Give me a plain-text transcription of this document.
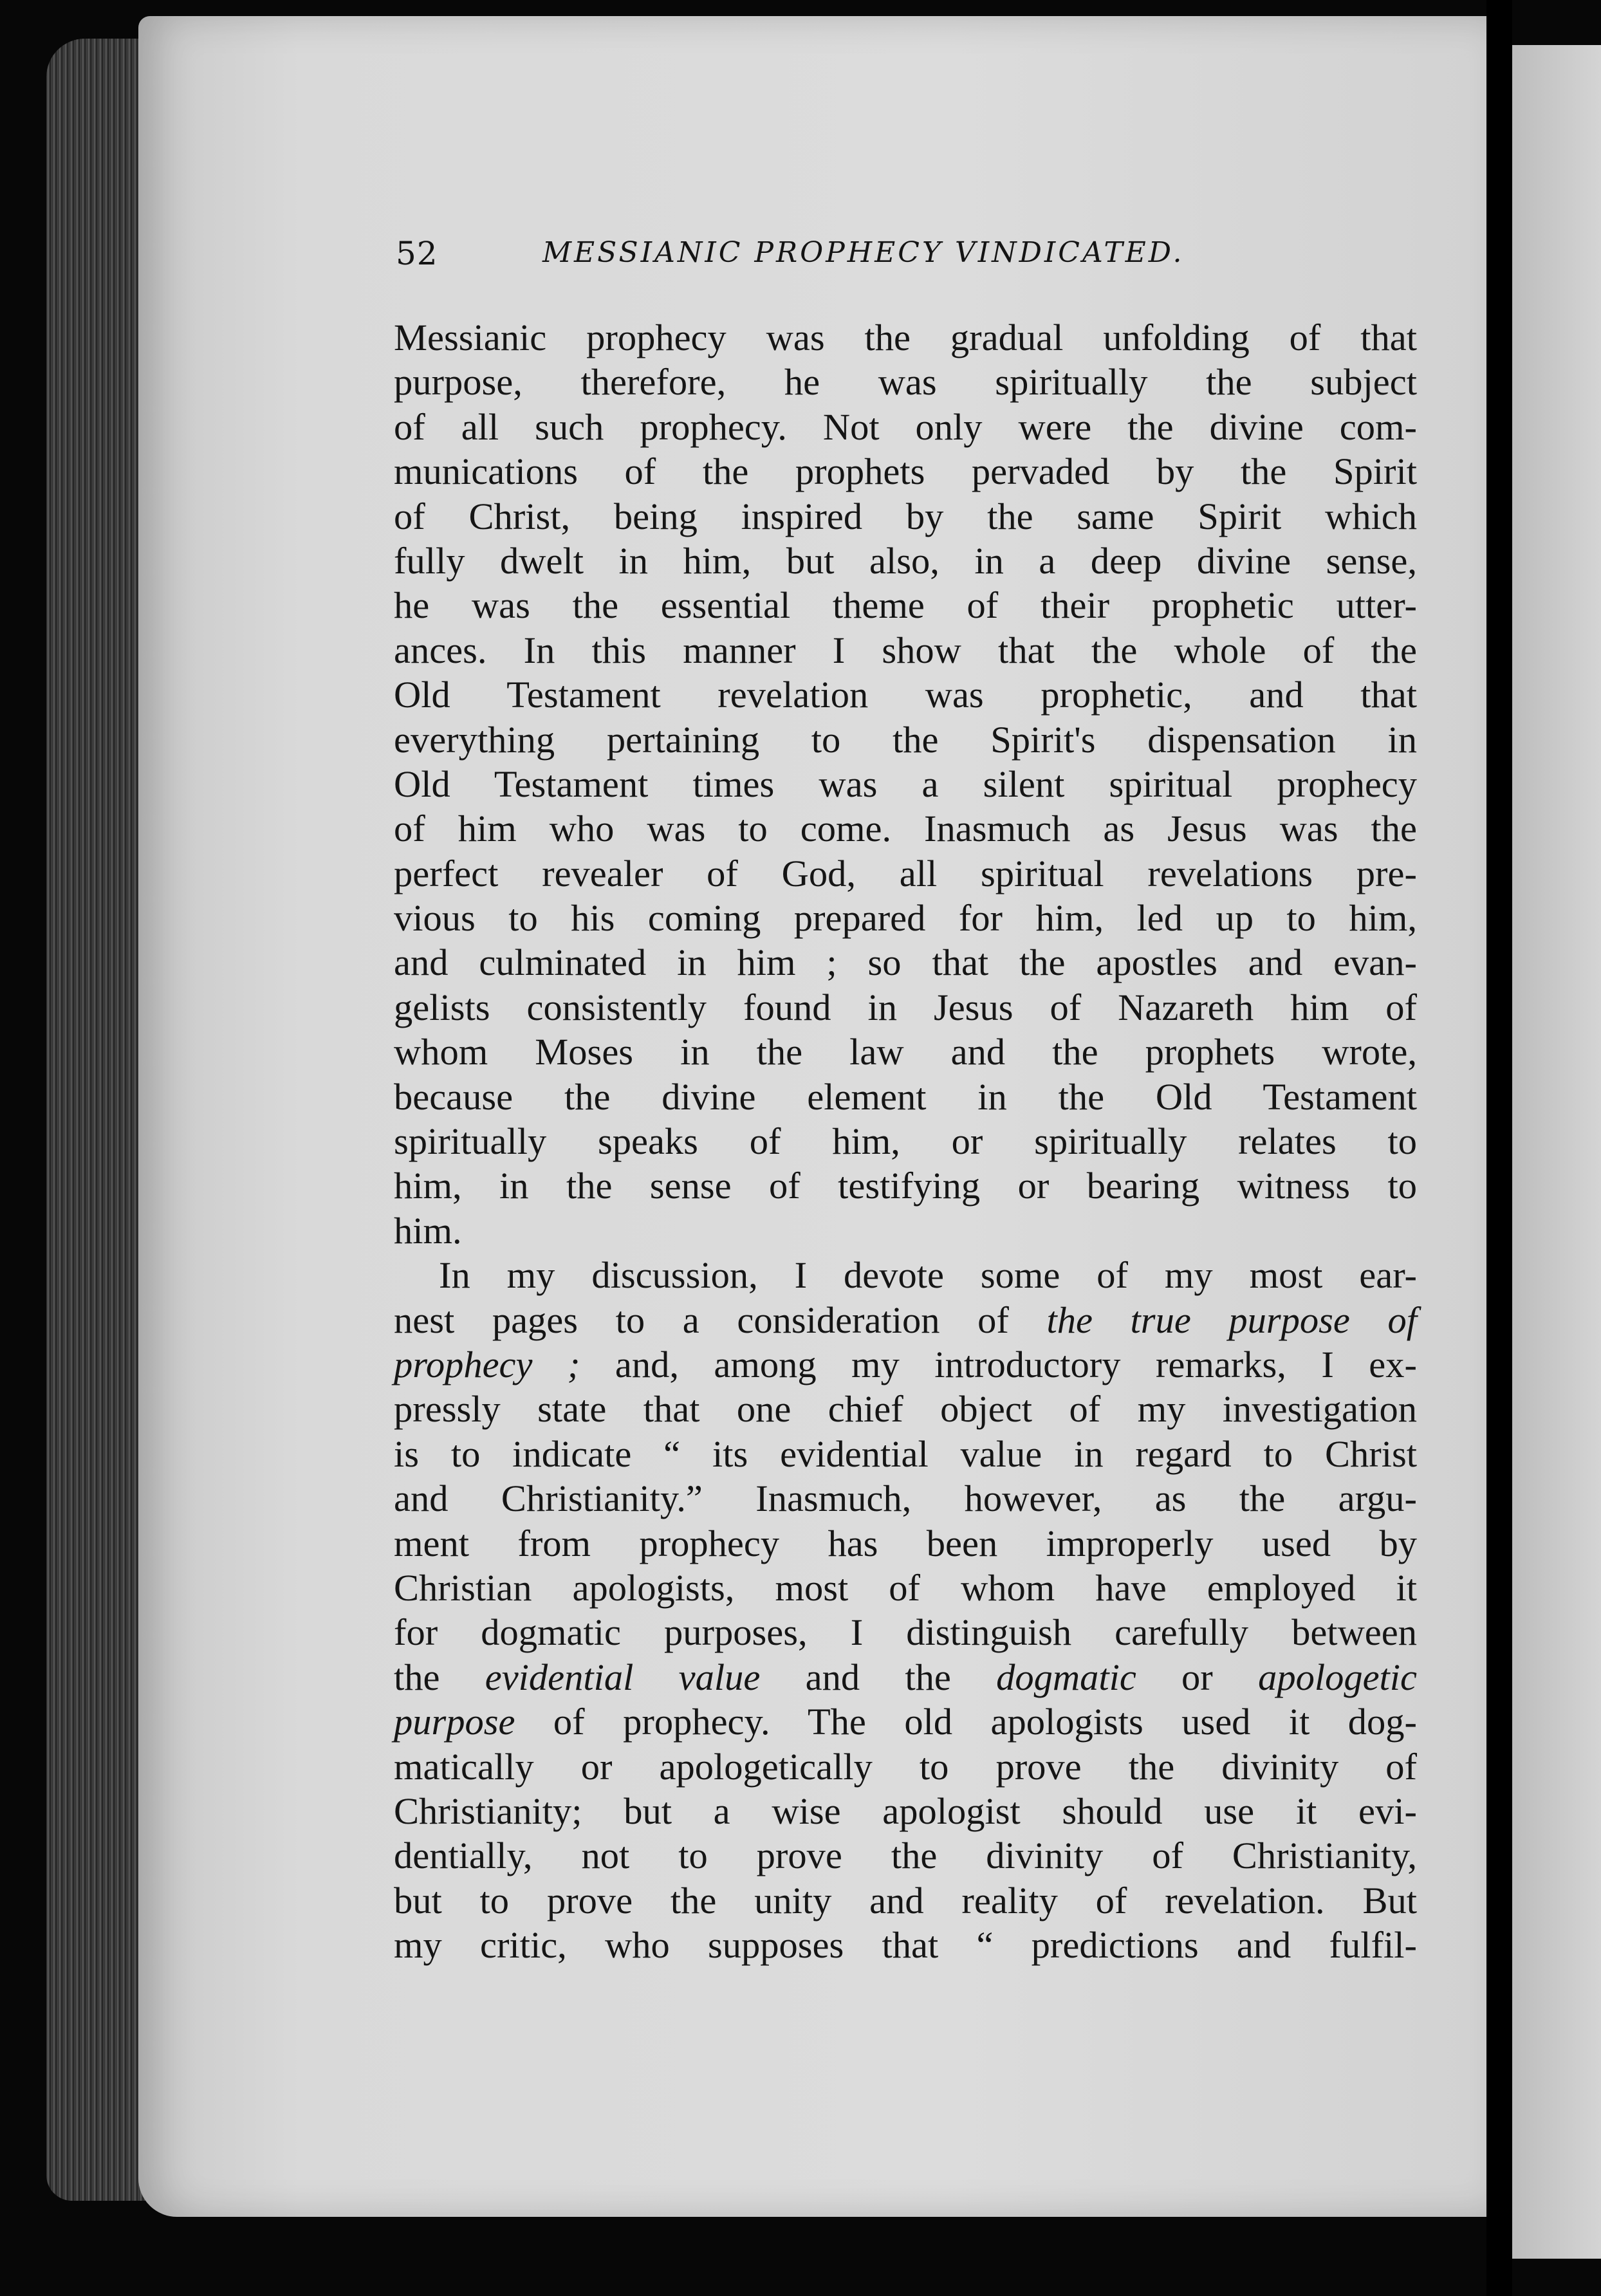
52	MESSIANIC PROPHECY VINDICATED.
Messianic prophecy was the gradual unfolding of that
purpose, therefore, he was spiritually the subject
of all such prophecy. Not only were the divine com-
munications of the prophets pervaded by the Spirit
of Christ, being inspired by the same Spirit which
fully dwelt in him, but also, in a deep divine sense,
he was the essential theme of their prophetic utter-
ances. In this manner I show that the whole of the
Old Testament revelation was prophetic, and that
everything pertaining to the Spirit's dispensation in
Old Testament times was a silent spiritual prophecy
of him who was to come. Inasmuch as Jesus was the
perfect revealer of God, all spiritual revelations pre-
vious to his coming prepared for him, led up to him,
and culminated in him ; so that the apostles and evan-
gelists consistently found in Jesus of Nazareth him of
whom Moses in the law and the prophets wrote,
because the divine element in the Old Testament
spiritually speaks of him, or spiritually relates to
him, in the sense of testifying or bearing witness to
him.
In my discussion, I devote some of my most ear-
nest pages to a consideration of the true purpose of
prophecy ; and, among my introductory remarks, I ex-
pressly state that one chief object of my investigation
is to indicate “ its evidential value in regard to Christ
and Christianity.” Inasmuch, however, as the argu-
ment from prophecy has been improperly used by
Christian apologists, most of whom have employed it
for dogmatic purposes, I distinguish carefully between
the evidential value and the dogmatic or apologetic
purpose of prophecy. The old apologists used it dog-
matically or apologetically to prove the divinity of
Christianity; but a wise apologist should use it evi-
dentially, not to prove the divinity of Christianity,
but to prove the unity and reality of revelation. But
my critic, who supposes that “ predictions and fulfil-
